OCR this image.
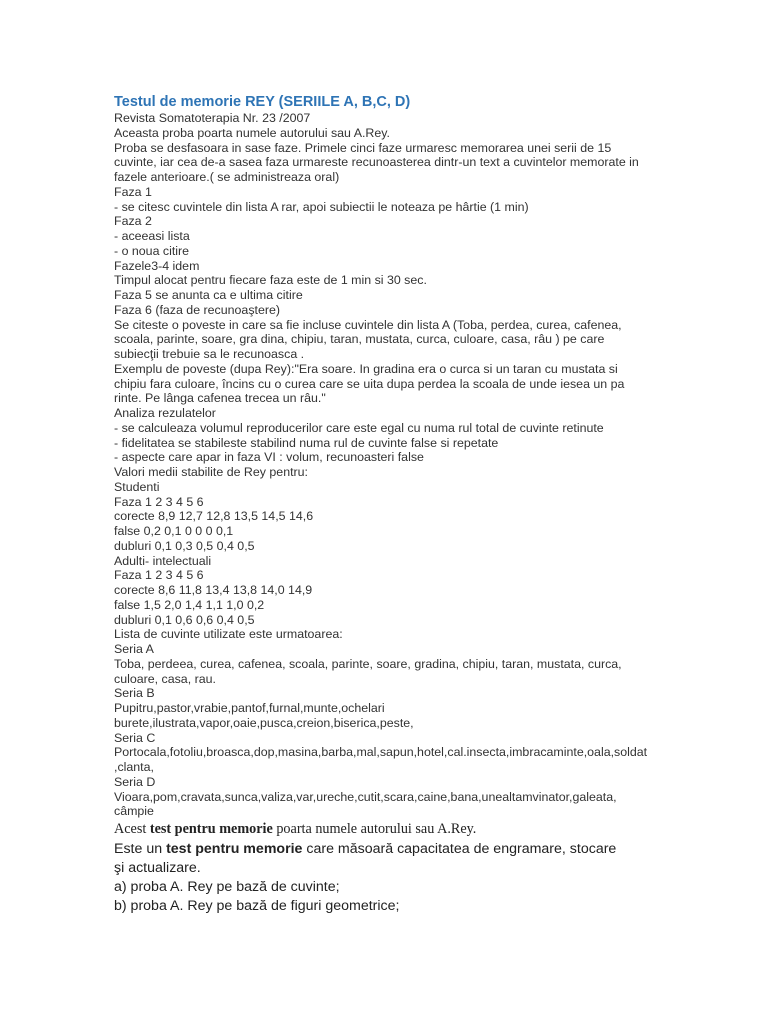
Testul de memorie REY (SERIILE A, B,C, D)
Revista Somatoterapia Nr. 23 /2007
Aceasta proba poarta numele autorului sau A.Rey.
Proba se desfasoara in sase faze. Primele cinci faze urmaresc memorarea unei serii de 15
cuvinte, iar cea de-a sasea faza urmareste recunoasterea dintr-un text a cuvintelor memorate in
fazele anterioare.( se administreaza oral)
Faza 1
- se citesc cuvintele din lista A rar, apoi subiectii le noteaza pe hârtie (1 min)
Faza 2
- aceeasi lista
- o noua citire
Fazele3-4 idem
Timpul alocat pentru fiecare faza este de 1 min si 30 sec.
Faza 5 se anunta ca e ultima citire
Faza 6 (faza de recunoaştere)
Se citeste o poveste in care sa fie incluse cuvintele din lista A (Toba, perdea, curea, cafenea,
scoala, parinte, soare, gra dina, chipiu, taran, mustata, curca, culoare, casa, râu ) pe care
subiecţii trebuie sa le recunoasca .
Exemplu de poveste (dupa Rey):"Era soare. In gradina era o curca si un taran cu mustata si
chipiu fara culoare, încins cu o curea care se uita dupa perdea la scoala de unde iesea un pa
rinte. Pe lânga cafenea trecea un râu."
Analiza rezulatelor
- se calculeaza volumul reproducerilor care este egal cu numa rul total de cuvinte retinute
- fidelitatea se stabileste stabilind numa rul de cuvinte false si repetate
- aspecte care apar in faza VI : volum, recunoasteri false
Valori medii stabilite de Rey pentru:
Studenti
Faza 1 2 3 4 5 6
corecte 8,9 12,7 12,8 13,5 14,5 14,6
false 0,2 0,1 0 0 0 0,1
dubluri 0,1 0,3 0,5 0,4 0,5
Adulti- intelectuali
Faza 1 2 3 4 5 6
corecte 8,6 11,8 13,4 13,8 14,0 14,9
false 1,5 2,0 1,4 1,1 1,0 0,2
dubluri 0,1 0,6 0,6 0,4 0,5
Lista de cuvinte utilizate este urmatoarea:
Seria A
Toba, perdeea, curea, cafenea, scoala, parinte, soare, gradina, chipiu, taran, mustata, curca,
culoare, casa, rau.
Seria B
Pupitru,pastor,vrabie,pantof,furnal,munte,ochelari
burete,ilustrata,vapor,oaie,pusca,creion,biserica,peste,
Seria C
Portocala,fotoliu,broasca,dop,masina,barba,mal,sapun,hotel,cal.insecta,imbracaminte,oala,soldat
,clanta,
Seria D
Vioara,pom,cravata,sunca,valiza,var,ureche,cutit,scara,caine,bana,unealtamvinator,galeata,
câmpie
Acest test pentru memorie poarta numele autorului sau A.Rey.
Este un test pentru memorie care măsoară capacitatea de engramare, stocare
şi actualizare.
a) proba A. Rey pe bază de cuvinte;
b) proba A. Rey pe bază de figuri geometrice;
